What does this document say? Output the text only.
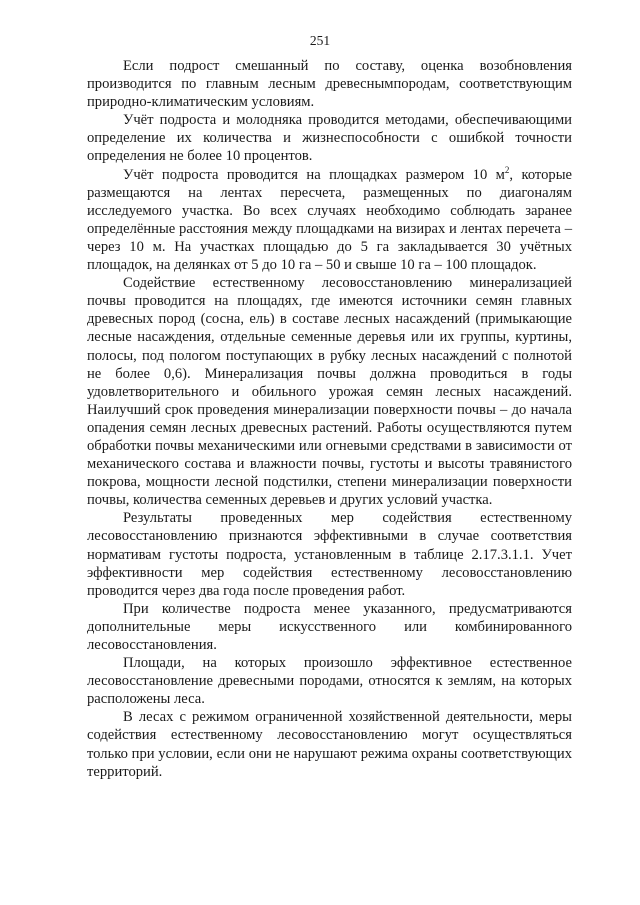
251

Если подрост смешанный по составу, оценка возобновления производится по главным лесным древеснымпородам, соответствующим природно-климатическим условиям.

Учёт подроста и молодняка проводится методами, обеспечивающими определение их количества и жизнеспособности с ошибкой точности определения не более 10 процентов.

Учёт подроста проводится на площадках размером 10 $м^2$, которые размещаются на лентах пересчета, размещенных по диагоналям исследуемого участка. Во всех случаях необходимо соблюдать заранее определённые расстояния между площадками на визирах и лентах перечета – через 10 м. На участках площадью до 5 га закладывается 30 учётных площадок, на делянках от 5 до 10 га – 50 и свыше 10 га – 100 площадок.

Содействие естественному лесовосстановлению минерализацией почвы проводится на площадях, где имеются источники семян главных древесных пород (сосна, ель) в составе лесных насаждений (примыкающие лесные насаждения, отдельные семенные деревья или их группы, куртины, полосы, под пологом поступающих в рубку лесных насаждений с полнотой не более 0,6). Минерализация почвы должна проводиться в годы удовлетворительного и обильного урожая семян лесных насаждений. Наилучший срок проведения минерализации поверхности почвы – до начала опадения семян лесных древесных растений. Работы осуществляются путем обработки почвы механическими или огневыми средствами в зависимости от механического состава и влажности почвы, густоты и высоты травянистого покрова, мощности лесной подстилки, степени минерализации поверхности почвы, количества семенных деревьев и других условий участка.

Результаты проведенных мер содействия естественному лесовосстановлению признаются эффективными в случае соответствия нормативам густоты подроста, установленным в таблице 2.17.3.1.1. Учет эффективности мер содействия естественному лесовосстановлению проводится через два года после проведения работ.

При количестве подроста менее указанного, предусматриваются дополнительные меры искусственного или комбинированного лесовосстановления.

Площади, на которых произошло эффективное естественное лесовосстановление древесными породами, относятся к землям, на которых расположены леса.

В лесах с режимом ограниченной хозяйственной деятельности, меры содействия естественному лесовосстановлению могут осуществляться только при условии, если они не нарушают режима охраны соответствующих территорий.
